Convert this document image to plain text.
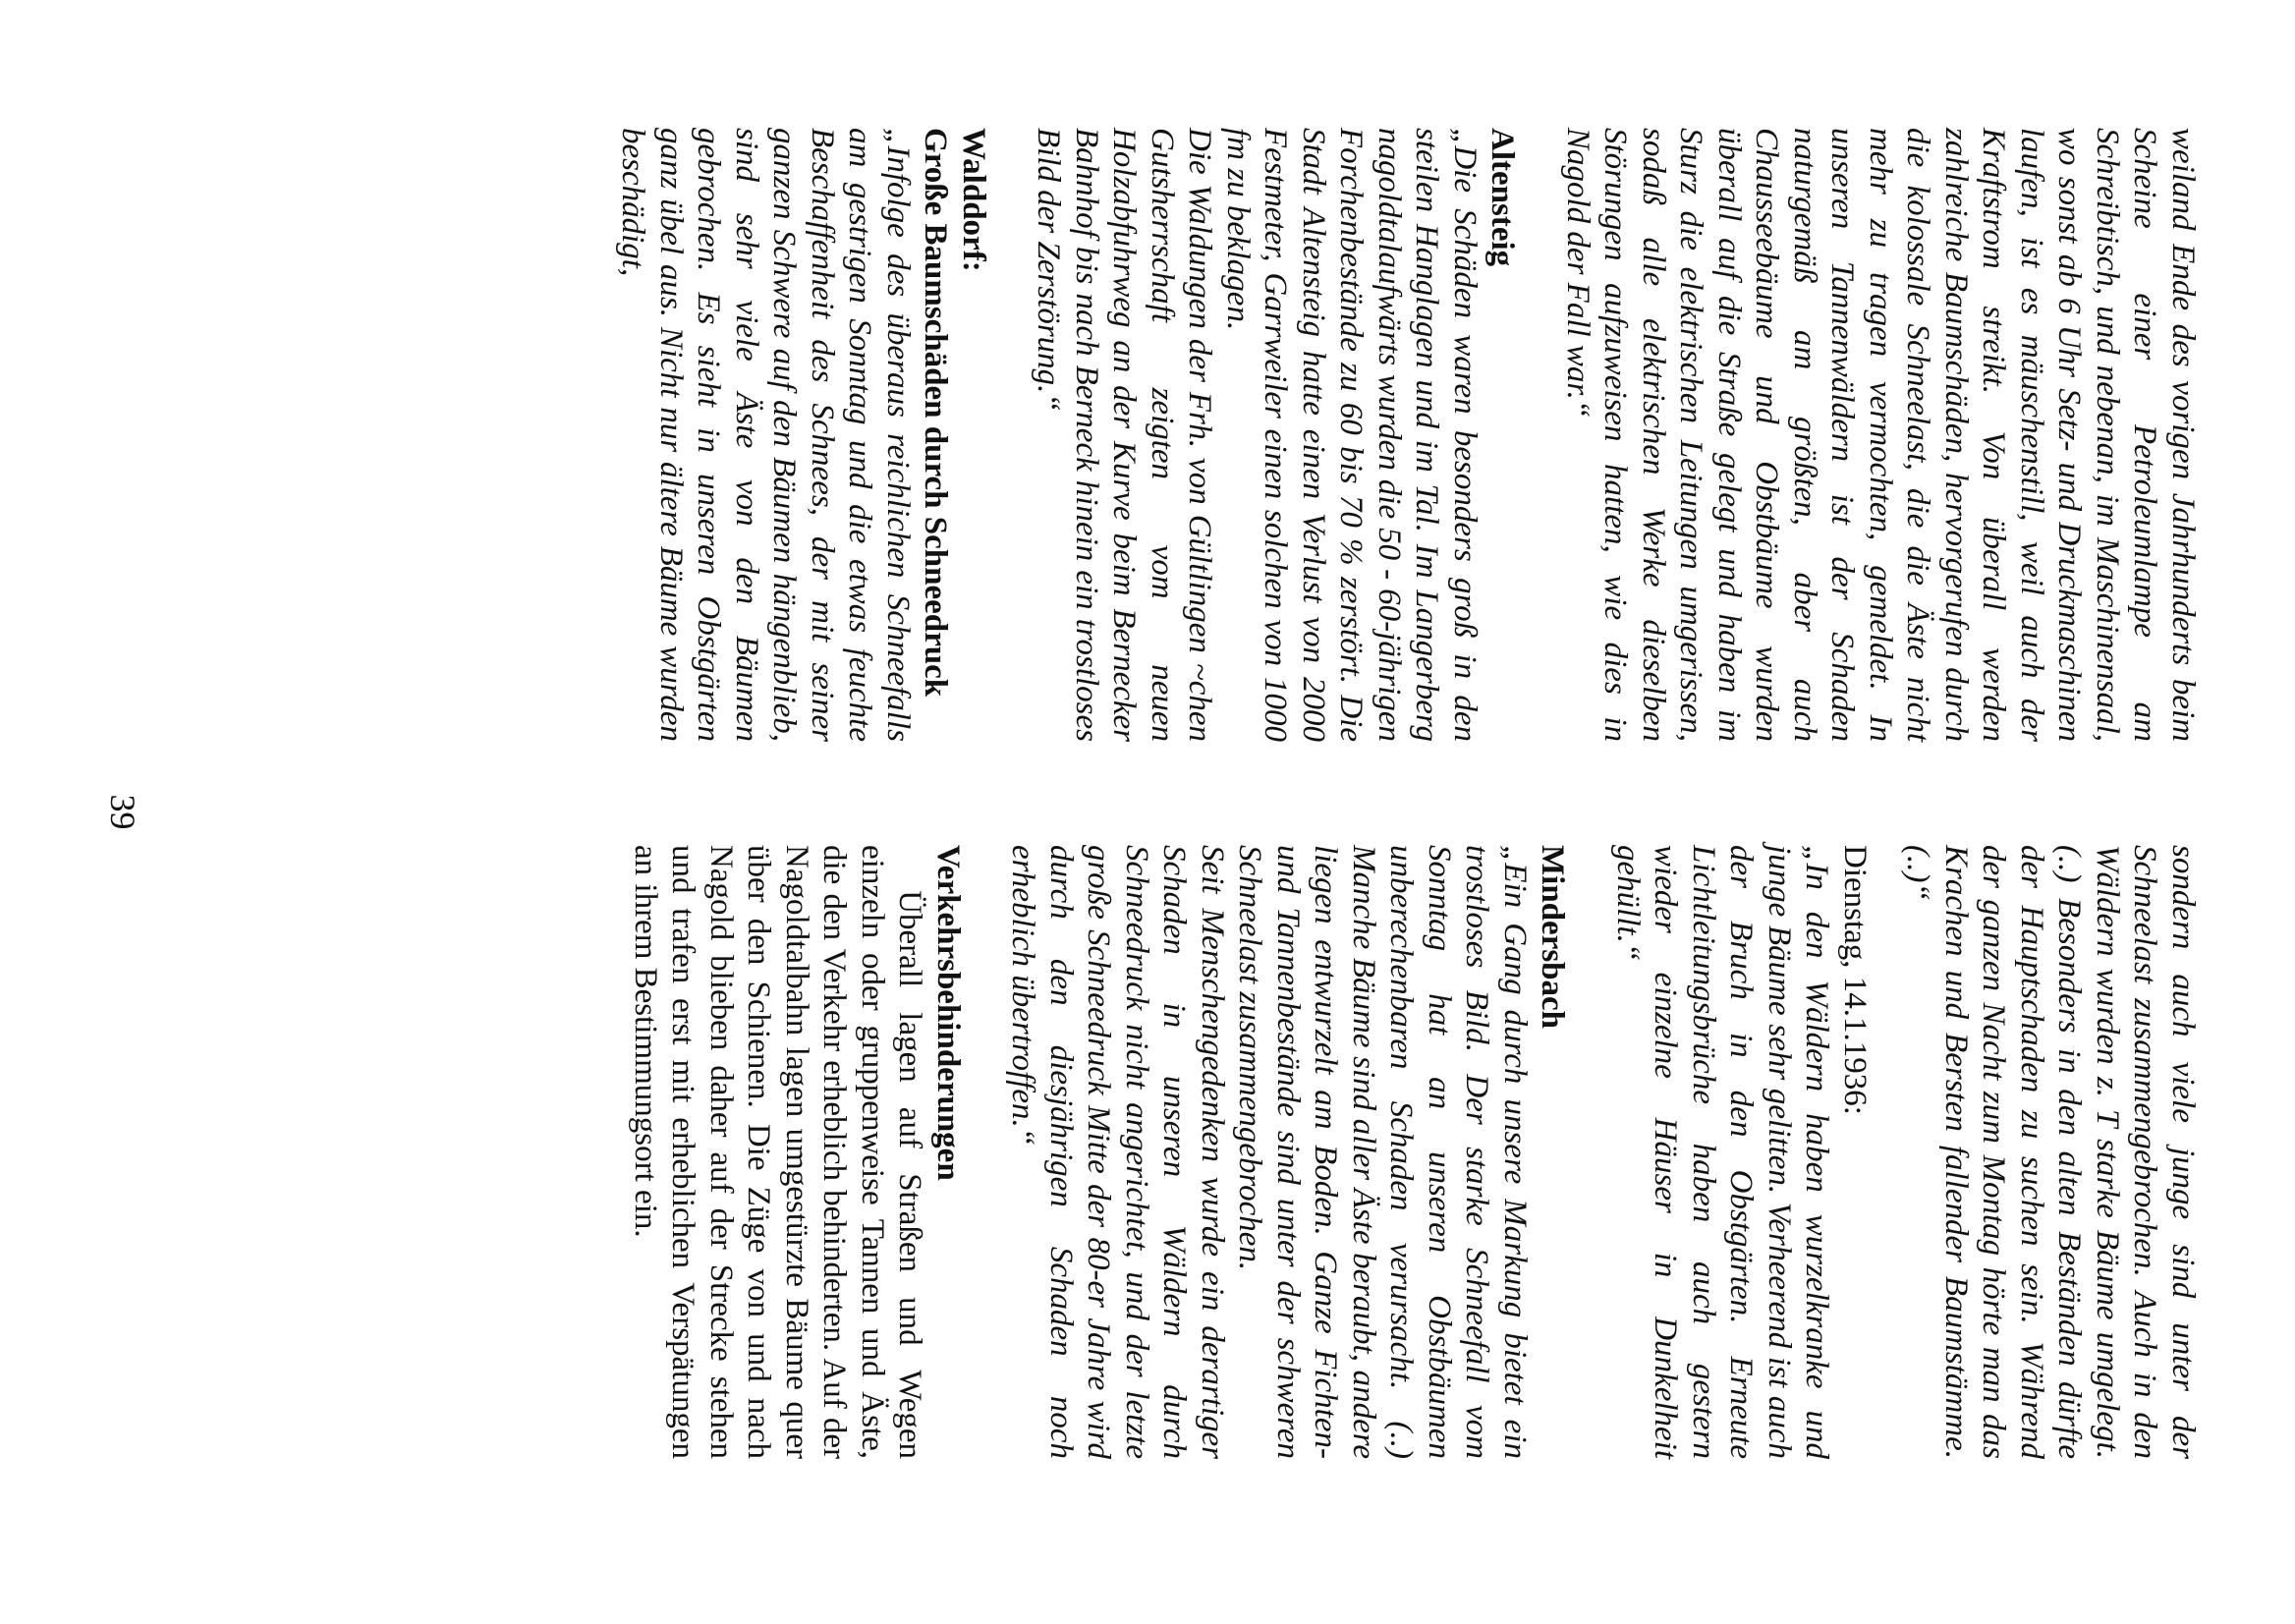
weiland Ende des vorigen Jahrhunderts beim Scheine einer Petroleumlampe am Schreibtisch, und nebenan, im Maschinensaal, wo sonst ab 6 Uhr Setz- und Druckmaschinen laufen, ist es mäuschenstill, weil auch der Kraftstrom streikt. Von überall werden zahlreiche Baumschäden, hervorgerufen durch die kolossale Schneelast, die die Äste nicht mehr zu tragen vermochten, gemeldet. In unseren Tannenwäldern ist der Schaden naturgemäß am größten, aber auch Chausseebäume und Obstbäume wurden überall auf die Straße gelegt und haben im Sturz die elektrischen Leitungen umgerissen, sodaß alle elektrischen Werke dieselben Störungen aufzuweisen hatten, wie dies in Nagold der Fall war.“

Altensteig

„Die Schäden waren besonders groß in den steilen Hanglagen und im Tal. Im Langerberg nagoldtalaufwärts wurden die 50 - 60-jährigen Forchenbestände zu 60 bis 70 % zerstört. Die Stadt Altensteig hatte einen Verlust von 2000 Festmeter, Garrweiler einen solchen von 1000 fm zu beklagen.

Die Waldungen der Frh. von Gültlingen ~chen Gutsherrschaft zeigten vom neuen Holzabfuhrweg an der Kurve beim Bernecker Bahnhof bis nach Berneck hinein ein trostloses Bild der Zerstörung.“

Walddorf:

Große Baumschäden durch Schneedruck

„Infolge des überaus reichlichen Schneefalls am gestrigen Sonntag und die etwas feuchte Beschaffenheit des Schnees, der mit seiner ganzen Schwere auf den Bäumen hängenblieb, sind sehr viele Äste von den Bäumen gebrochen. Es sieht in unseren Obstgärten ganz übel aus. Nicht nur ältere Bäume wurden beschädigt,

sondern auch viele junge sind unter der Schneelast zusammengebrochen. Auch in den Wäldern wurden z. T starke Bäume umgelegt. (..) Besonders in den alten Beständen dürfte der Hauptschaden zu suchen sein. Während der ganzen Nacht zum Montag hörte man das Krachen und Bersten fallender Baumstämme. (..)“

Dienstag, 14.1.1936:

„In den Wäldern haben wurzelkranke und junge Bäume sehr gelitten. Verheerend ist auch der Bruch in den Obstgärten. Erneute Lichtleitungsbrüche haben auch gestern wieder einzelne Häuser in Dunkelheit gehüllt.“

Mindersbach

„Ein Gang durch unsere Markung bietet ein trostloses Bild. Der starke Schneefall vom Sonntag hat an unseren Obstbäumen unberechenbaren Schaden verursacht. (..) Manche Bäume sind aller Äste beraubt, andere liegen entwurzelt am Boden. Ganze Fichten- und Tannenbestände sind unter der schweren Schneelast zusammengebrochen.

Seit Menschengedenken wurde ein derartiger Schaden in unseren Wäldern durch Schneedruck nicht angerichtet, und der letzte große Schneedruck Mitte der 80-er Jahre wird durch den diesjährigen Schaden noch erheblich übertroffen.“

Verkehrsbehinderungen

Überall lagen auf Straßen und Wegen einzeln oder gruppenweise Tannen und Äste, die den Verkehr erheblich behinderten. Auf der Nagoldtalbahn lagen umgestürzte Bäume quer über den Schienen. Die Züge von und nach Nagold blieben daher auf der Strecke stehen und trafen erst mit erheblichen Verspätungen an ihrem Bestimmungsort ein.

39
